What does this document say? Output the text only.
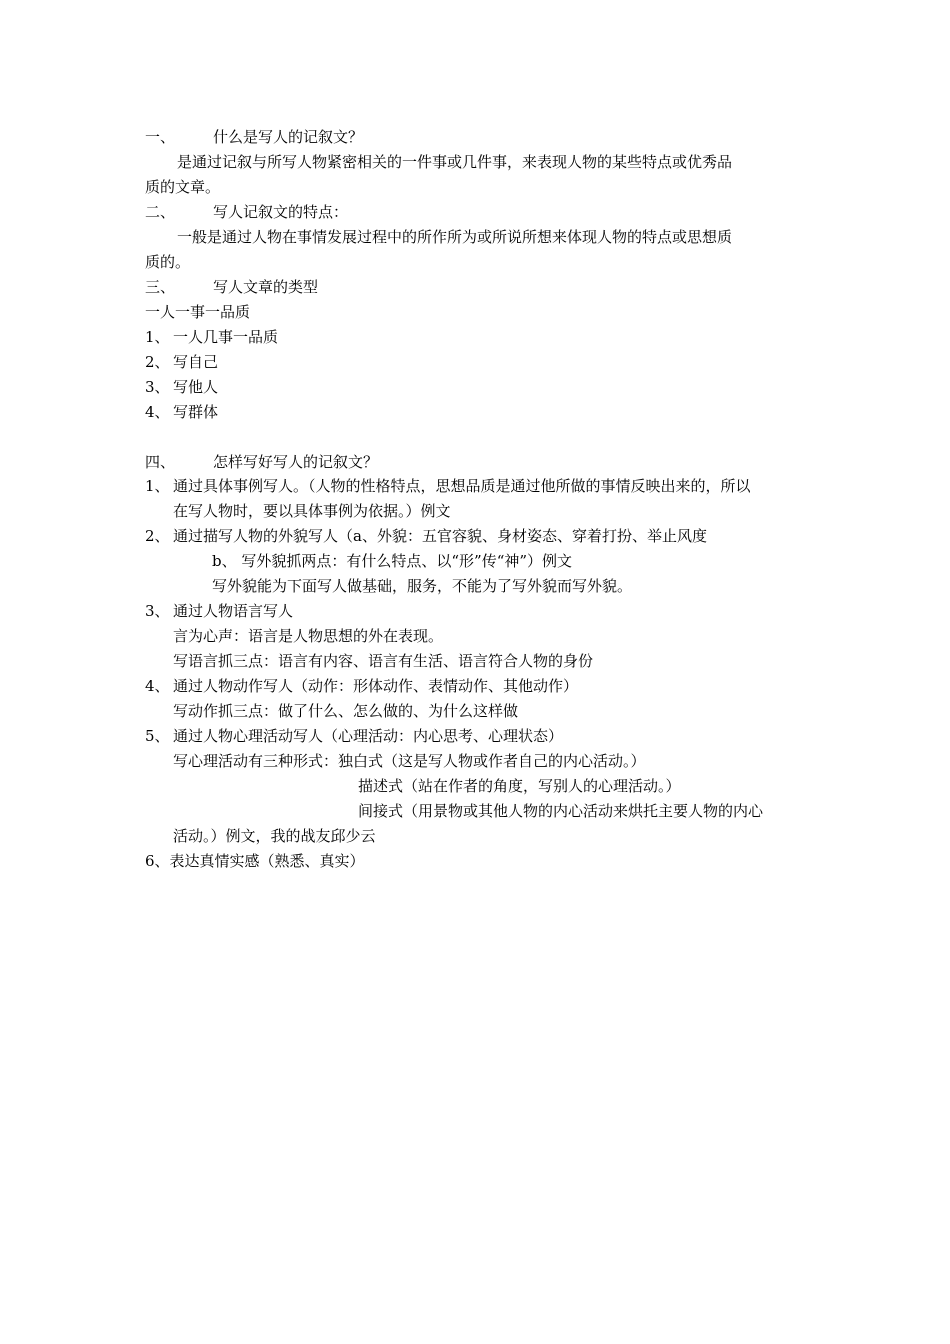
一、	什么是写人的记叙文？
是通过记叙与所写人物紧密相关的一件事或几件事，来表现人物的某些特点或优秀品
质的文章。
二、	写人记叙文的特点：
一般是通过人物在事情发展过程中的所作所为或所说所想来体现人物的特点或思想质
质的。
三、	写人文章的类型
一人一事一品质
1、 一人几事一品质
2、 写自己
3、 写他人
4、 写群体
四、	怎样写好写人的记叙文？
1、 通过具体事例写人。（人物的性格特点，思想品质是通过他所做的事情反映出来的，所以
在写人物时，要以具体事例为依据。）例文
2、 通过描写人物的外貌写人（a、外貌：五官容貌、身材姿态、穿着打扮、举止风度
b、 写外貌抓两点：有什么特点、以“形”传“神”）例文
写外貌能为下面写人做基础，服务，不能为了写外貌而写外貌。
3、 通过人物语言写人
言为心声：语言是人物思想的外在表现。
写语言抓三点：语言有内容、语言有生活、语言符合人物的身份
4、 通过人物动作写人（动作：形体动作、表情动作、其他动作）
写动作抓三点：做了什么、怎么做的、为什么这样做
5、 通过人物心理活动写人（心理活动：内心思考、心理状态）
写心理活动有三种形式：独白式（这是写人物或作者自己的内心活动。）
描述式（站在作者的角度，写别人的心理活动。）
间接式（用景物或其他人物的内心活动来烘托主要人物的内心
活动。）例文，我的战友邱少云
6、表达真情实感（熟悉、真实）
